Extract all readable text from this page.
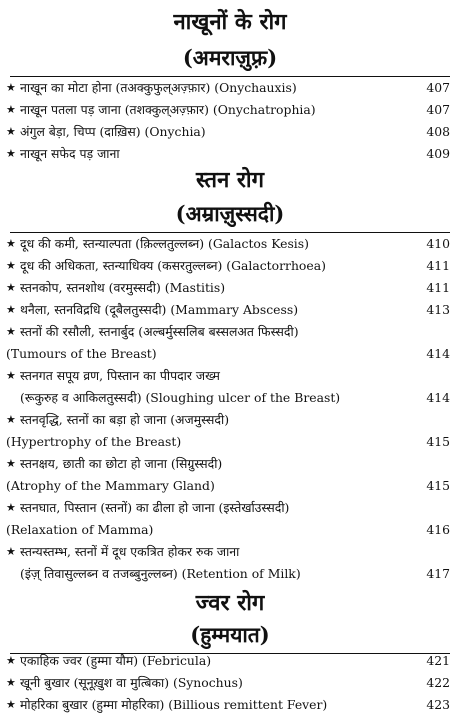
नाखूनों के रोग
(अमराज़ुफ़्र)
★ नाखून का मोटा होना (तअक्कुफुल्अज़्फ़ार) (Onychauxis)	407
★ नाखून पतला पड़ जाना (तशक्कुल्अज़्फ़ार) (Onychatrophia)	407
★ अंगुल बेड़ा, चिप्प (दाख़िस) (Onychia)	408
★ नाखून सफेद पड़ जाना	409
स्तन रोग
(अम्राज़ुस्सदी)
★ दूध की कमी, स्तन्याल्पता (क़िल्लतुल्लब्न) (Galactos Kesis)	410
★ दूध की अधिकता, स्तन्याधिक्य (कसरतुल्लब्न) (Galactorrhoea)	411
★ स्तनकोप, स्तनशोथ (वरमुस्सदी) (Mastitis)	411
★ थनैला, स्तनविद्रधि (दूबैलतुस्सदी) (Mammary Abscess)	413
★ स्तनों की रसौली, स्तनार्बुद (अल्बर्मुस्सलिब बस्सलअत फिस्सदी)
(Tumours of the Breast)	414
★ स्तनगत सपूय व्रण, पिस्तान का पीपदार जख्म
(रूकुरुह व आकिलतुस्सदी) (Sloughing ulcer of the Breast)	414
★ स्तनवृद्धि, स्तनों का बड़ा हो जाना (अजमुस्सदी)
(Hypertrophy of the Breast)	415
★ स्तनक्षय, छाती का छोटा हो जाना (सिग्रुस्सदी)
(Atrophy of the Mammary Gland)	415
★ स्तनघात, पिस्तान (स्तनों) का ढीला हो जाना (इस्तेर्खाउस्सदी)
(Relaxation of Mamma)	416
★ स्तन्यस्तम्भ, स्तनों में दूध एकत्रित होकर रुक जाना
(इंज़् तिवासुल्लब्न व तजब्बुनुल्लब्न) (Retention of Milk)	417
ज्वर रोग
(हुम्मयात)
★ एकाहिक ज्वर (हुम्मा यौम) (Febricula)	421
★ खूनी बुखार (सूनूख़ुश वा मुत्बिका) (Synochus)	422
★ मोहरिका बुखार (हुम्मा मोहरिका) (Billious remittent Fever)	423
